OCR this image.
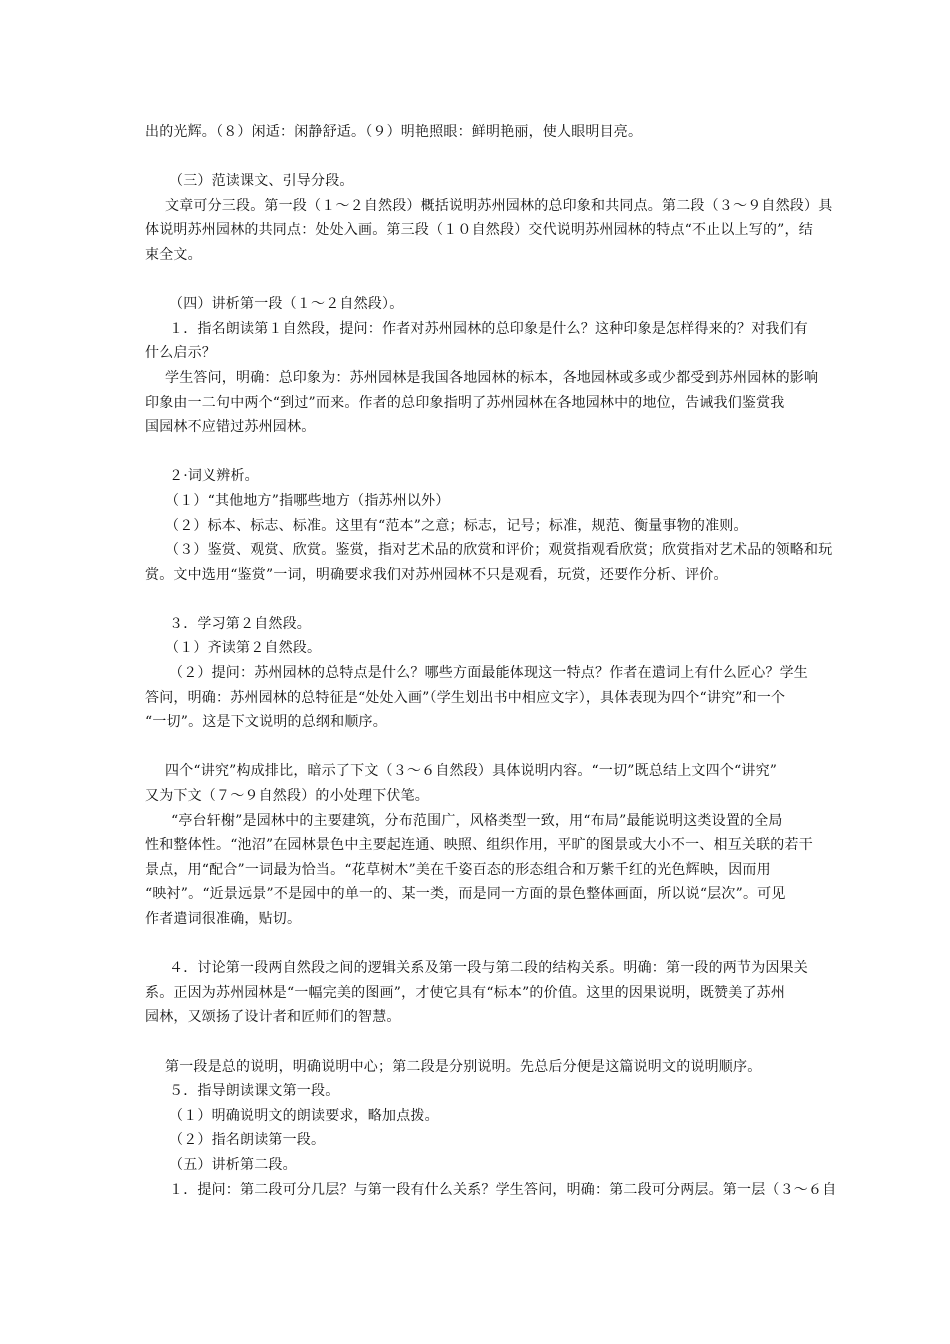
出的光辉。（８）闲适：闲静舒适。（９）明艳照眼：鲜明艳丽，使人眼明目亮。
（三）范读课文、引导分段。
文章可分三段。第一段（１～２自然段）概括说明苏州园林的总印象和共同点。第二段（３～９自然段）具
体说明苏州园林的共同点：处处入画。第三段（１０自然段）交代说明苏州园林的特点“不止以上写的”，结
束全文。
（四）讲析第一段（１～２自然段）。
１．指名朗读第１自然段，提问：作者对苏州园林的总印象是什么？这种印象是怎样得来的？对我们有
什么启示？
学生答问，明确：总印象为：苏州园林是我国各地园林的标本，各地园林或多或少都受到苏州园林的影响
印象由一二句中两个“到过”而来。作者的总印象指明了苏州园林在各地园林中的地位，告诫我们鉴赏我
国园林不应错过苏州园林。
２·词义辨析。
（１）“其他地方”指哪些地方（指苏州以外）
（２）标本、标志、标准。这里有“范本”之意；标志，记号；标准，规范、衡量事物的准则。
（３）鉴赏、观赏、欣赏。鉴赏，指对艺术品的欣赏和评价；观赏指观看欣赏；欣赏指对艺术品的领略和玩
赏。文中选用“鉴赏”一词，明确要求我们对苏州园林不只是观看，玩赏，还要作分析、评价。
３．学习第２自然段。
（１）齐读第２自然段。
（２）提问：苏州园林的总特点是什么？哪些方面最能体现这一特点？作者在遣词上有什么匠心？学生
答问，明确：苏州园林的总特征是“处处入画”（学生划出书中相应文字），具体表现为四个“讲究”和一个
“一切”。这是下文说明的总纲和顺序。
四个“讲究”构成排比，暗示了下文（３～６自然段）具体说明内容。“一切”既总结上文四个“讲究”
又为下文（７～９自然段）的小处理下伏笔。
“亭台轩榭”是园林中的主要建筑，分布范围广，风格类型一致，用“布局”最能说明这类设置的全局
性和整体性。“池沼”在园林景色中主要起连通、映照、组织作用，平旷的图景或大小不一、相互关联的若干
景点，用“配合”一词最为恰当。“花草树木”美在千姿百态的形态组合和万紫千红的光色辉映，因而用
“映衬”。“近景远景”不是园中的单一的、某一类，而是同一方面的景色整体画面，所以说“层次”。可见
作者遣词很准确，贴切。
４．讨论第一段两自然段之间的逻辑关系及第一段与第二段的结构关系。明确：第一段的两节为因果关
系。正因为苏州园林是“一幅完美的图画”，才使它具有“标本”的价值。这里的因果说明，既赞美了苏州
园林，又颂扬了设计者和匠师们的智慧。
第一段是总的说明，明确说明中心；第二段是分别说明。先总后分便是这篇说明文的说明顺序。
５．指导朗读课文第一段。
（１）明确说明文的朗读要求，略加点拨。
（２）指名朗读第一段。
（五）讲析第二段。
１．提问：第二段可分几层？与第一段有什么关系？学生答问，明确：第二段可分两层。第一层（３～６自
